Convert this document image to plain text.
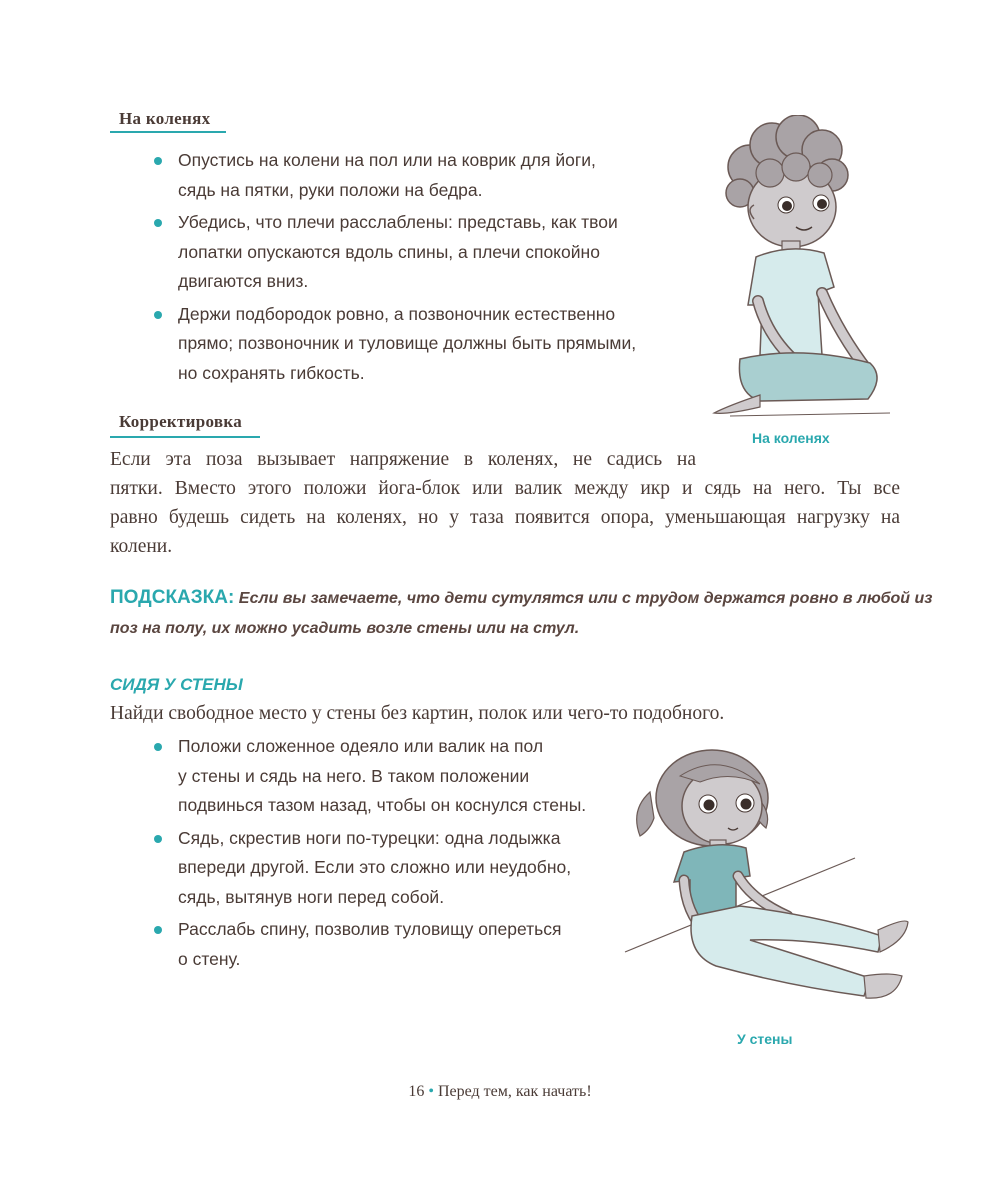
На коленях
Опустись на колени на пол или на коврик для йоги,
сядь на пятки, руки положи на бедра.
Убедись, что плечи расслаблены: представь, как твои
лопатки опускаются вдоль спины, а плечи спокойно
двигаются вниз.
Держи подбородок ровно, а позвоночник естественно
прямо; позвоночник и туловище должны быть прямыми,
но сохранять гибкость.
На коленях
Корректировка
Если эта поза вызывает напряжение в коленях, не садись на
пятки. Вместо этого положи йога-блок или валик между икр и сядь на него. Ты все
равно будешь сидеть на коленях, но у таза появится опора, уменьшающая нагрузку на
колени.
ПОДСКАЗКА: Если вы замечаете, что дети сутулятся или с трудом держатся ровно в любой из
поз на полу, их можно усадить возле стены или на стул.
СИДЯ У СТЕНЫ
Найди свободное место у стены без картин, полок или чего-то подобного.
Положи сложенное одеяло или валик на пол
у стены и сядь на него. В таком положении
подвинься тазом назад, чтобы он коснулся стены.
Сядь, скрестив ноги по-турецки: одна лодыжка
впереди другой. Если это сложно или неудобно,
сядь, вытянув ноги перед собой.
Расслабь спину, позволив туловищу опереться
о стену.
У стены
16 • Перед тем, как начать!
